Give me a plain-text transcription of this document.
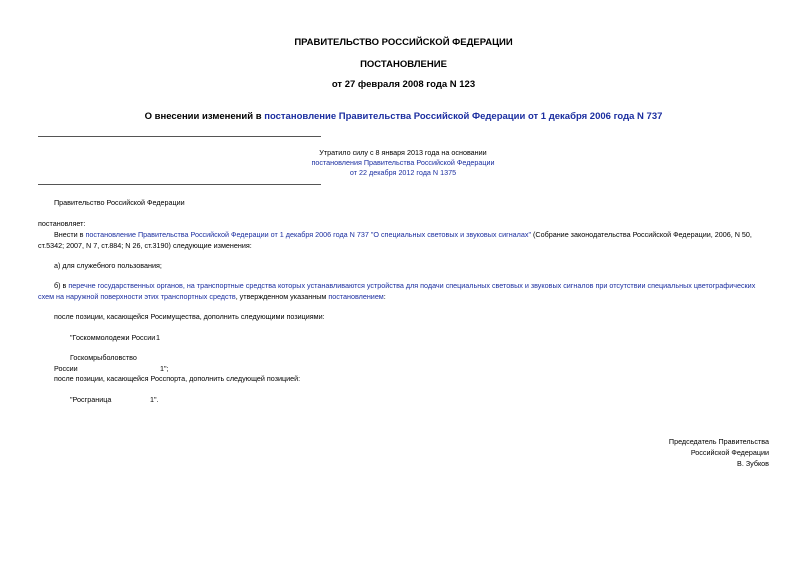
ПРАВИТЕЛЬСТВО РОССИЙСКОЙ ФЕДЕРАЦИИ
ПОСТАНОВЛЕНИЕ
от 27 февраля 2008 года N 123
О внесении изменений в постановление Правительства Российской Федерации от 1 декабря 2006 года N 737
Утратило силу с 8 января 2013 года на основании
постановления Правительства Российской Федерации
от 22 декабря 2012 года N 1375
Правительство Российской Федерации
постановляет:
Внести в постановление Правительства Российской Федерации от 1 декабря 2006 года N 737 "О специальных световых и звуковых сигналах" (Собрание законодательства Российской Федерации, 2006, N 50, ст.5342; 2007, N 7, ст.884; N 26, ст.3190) следующие изменения:
а) для служебного пользования;
б) в перечне государственных органов, на транспортные средства которых устанавливаются устройства для подачи специальных световых и звуковых сигналов при отсутствии специальных цветографических схем на наружной поверхности этих транспортных средств, утвержденном указанным постановлением:
после позиции, касающейся Росимущества, дополнить следующими позициями:
"Госкоммолодежи России1
Госкомрыболовство России	1";
после позиции, касающейся Росспорта, дополнить следующей позицией:
"Росграница	1".
Председатель Правительства
Российской Федерации
В. Зубков
